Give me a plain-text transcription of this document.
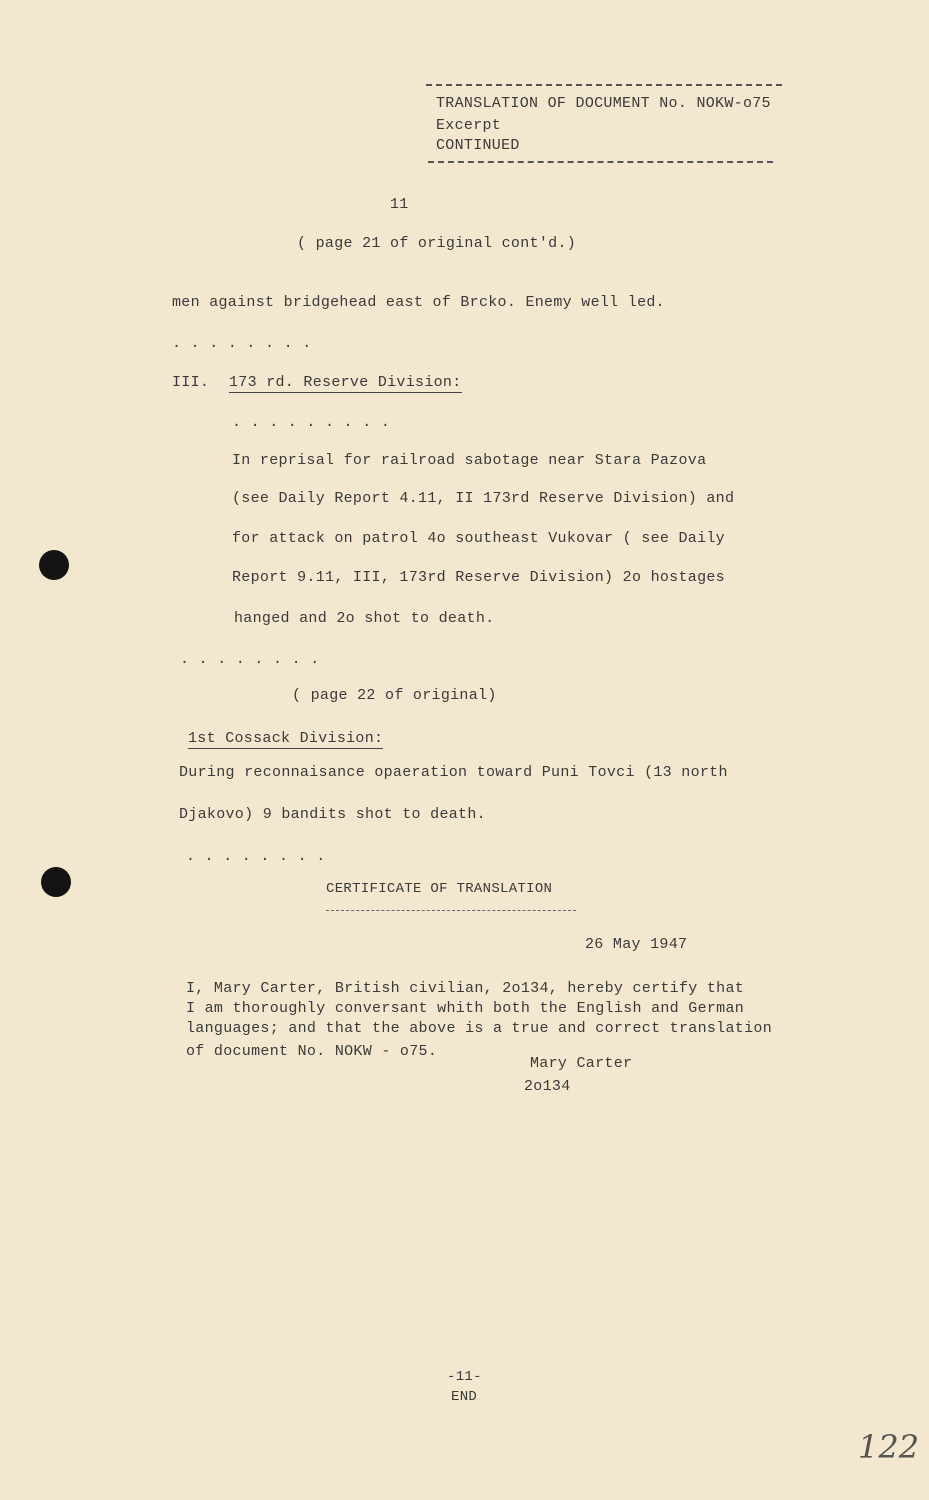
TRANSLATION OF DOCUMENT No. NOKW-o75
Excerpt
CONTINUED
11
( page 21 of original cont'd.)
men against bridgehead east of Brcko. Enemy well led.
. . . . . . . .
III. 173 rd. Reserve Division:
. . . . . . . . .
In reprisal for railroad sabotage near Stara Pazova
(see Daily Report 4.11, II 173rd Reserve Division) and
for attack on patrol 4o southeast Vukovar ( see Daily
Report 9.11, III, 173rd Reserve Division) 2o hostages
hanged and 2o shot to death.
. . . . . . . .
( page 22 of original)
1st Cossack Division:
During reconnaisance opaeration toward Puni Tovci (13 north
Djakovo) 9 bandits shot to death.
. . . . . . . .
CERTIFICATE OF TRANSLATION
26 May 1947
I, Mary Carter, British civilian, 2o134, hereby certify that
I am thoroughly conversant whith both the English and German
languages; and that the above is a true and correct translation
of document No. NOKW - o75.
Mary Carter
2o134
-11-
END
122
